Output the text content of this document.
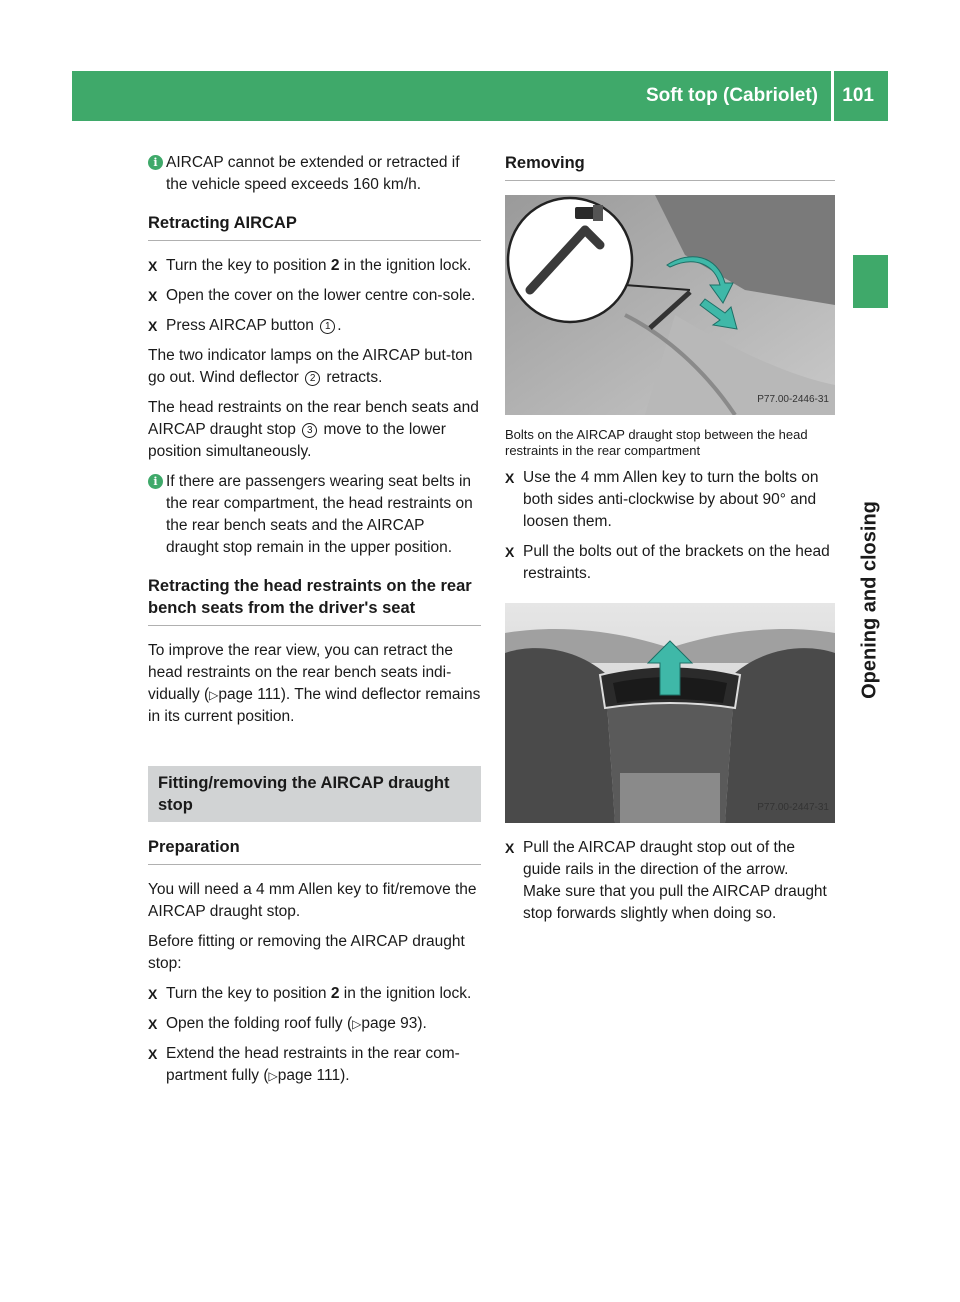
Soft top (Cabriolet) 101
Opening and closing
i AIRCAP cannot be extended or retracted if the vehicle speed exceeds 160 km/h.
Retracting AIRCAP
X Turn the key to position 2 in the ignition lock.
X Open the cover on the lower centre con-sole.
X Press AIRCAP button 1 .

The two indicator lamps on the AIRCAP but-ton go out. Wind deflector 2 retracts.

The head restraints on the rear bench seats and AIRCAP draught stop 3 move to the lower position simultaneously.

i If there are passengers wearing seat belts in the rear compartment, the head restraints on the rear bench seats and the AIRCAP draught stop remain in the upper position.
Retracting the head restraints on the rear bench seats from the driver's seat

To improve the rear view, you can retract the head restraints on the rear bench seats indi-vidually (▷page 111). The wind deflector remains in its current position.

Fitting/removing the AIRCAP draught stop
Preparation

You will need a 4 mm Allen key to fit/remove the AIRCAP draught stop.

Before fitting or removing the AIRCAP draught stop:

X Turn the key to position 2 in the ignition lock.
X Open the folding roof fully (▷page 93).
X Extend the head restraints in the rear com-partment fully (▷page 111).
Removing
P77.00-2446-31
Bolts on the AIRCAP draught stop between the head restraints in the rear compartment
X Use the 4 mm Allen key to turn the bolts on both sides anti-clockwise by about 90° and loosen them.
X Pull the bolts out of the brackets on the head restraints.
P77.00-2447-31
X Pull the AIRCAP draught stop out of the guide rails in the direction of the arrow.

Make sure that you pull the AIRCAP draught stop forwards slightly when doing so.
